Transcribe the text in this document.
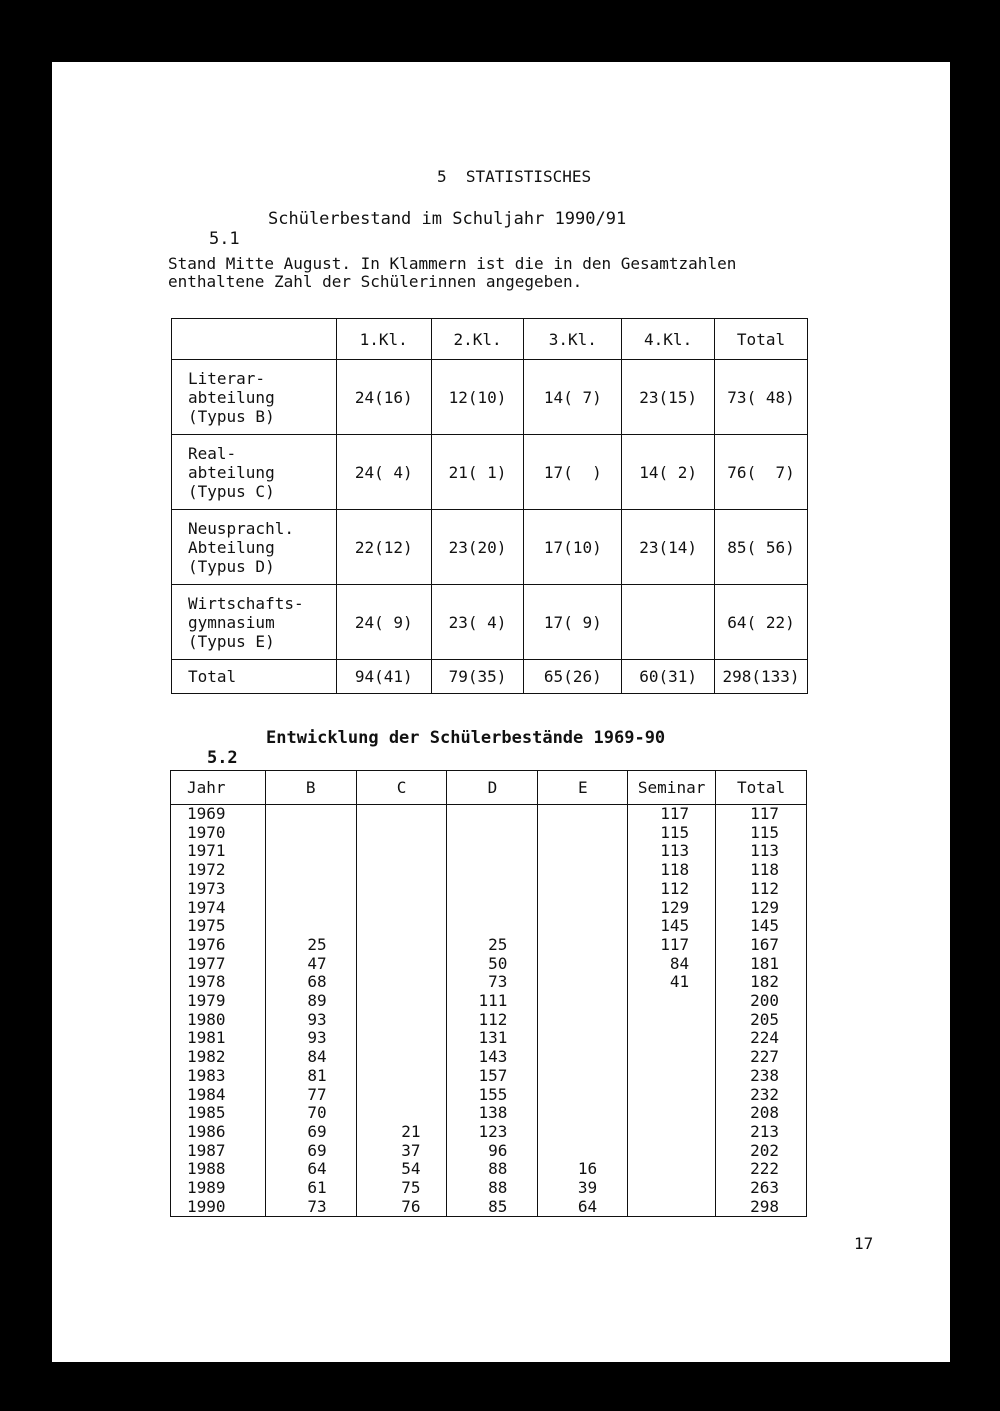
5  STATISTISCHES

5.1

Schülerbestand im Schuljahr 1990/91

Stand Mitte August. In Klammern ist die in den Gesamtzahlen
enthaltene Zahl der Schülerinnen angegeben.
	1.Kl.	2.Kl.	3.Kl.	4.Kl.	Total
Literar-
abteilung
(Typus B)	24(16)	12(10)	14( 7)	23(15)	73( 48)
Real-
abteilung
(Typus C)	24( 4)	21( 1)	17(  )	14( 2)	76(  7)
Neusprachl.
Abteilung
(Typus D)	22(12)	23(20)	17(10)	23(14)	85( 56)
Wirtschafts-
gymnasium
(Typus E)	24( 9)	23( 4)	17( 9)		64( 22)
Total	94(41)	79(35)	65(26)	60(31)	298(133)

5.2

Entwicklung der Schülerbestände 1969-90

Jahr	B	C	D	E	Seminar	Total
1969					117	117
1970					115	115
1971					113	113
1972					118	118
1973					112	112
1974					129	129
1975					145	145
1976	25		25		117	167
1977	47		50		84	181
1978	68		73		41	182
1979	89		111			200
1980	93		112			205
1981	93		131			224
1982	84		143			227
1983	81		157			238
1984	77		155			232
1985	70		138			208
1986	69	21	123			213
1987	69	37	96			202
1988	64	54	88	16		222
1989	61	75	88	39		263
1990	73	76	85	64		298
17
